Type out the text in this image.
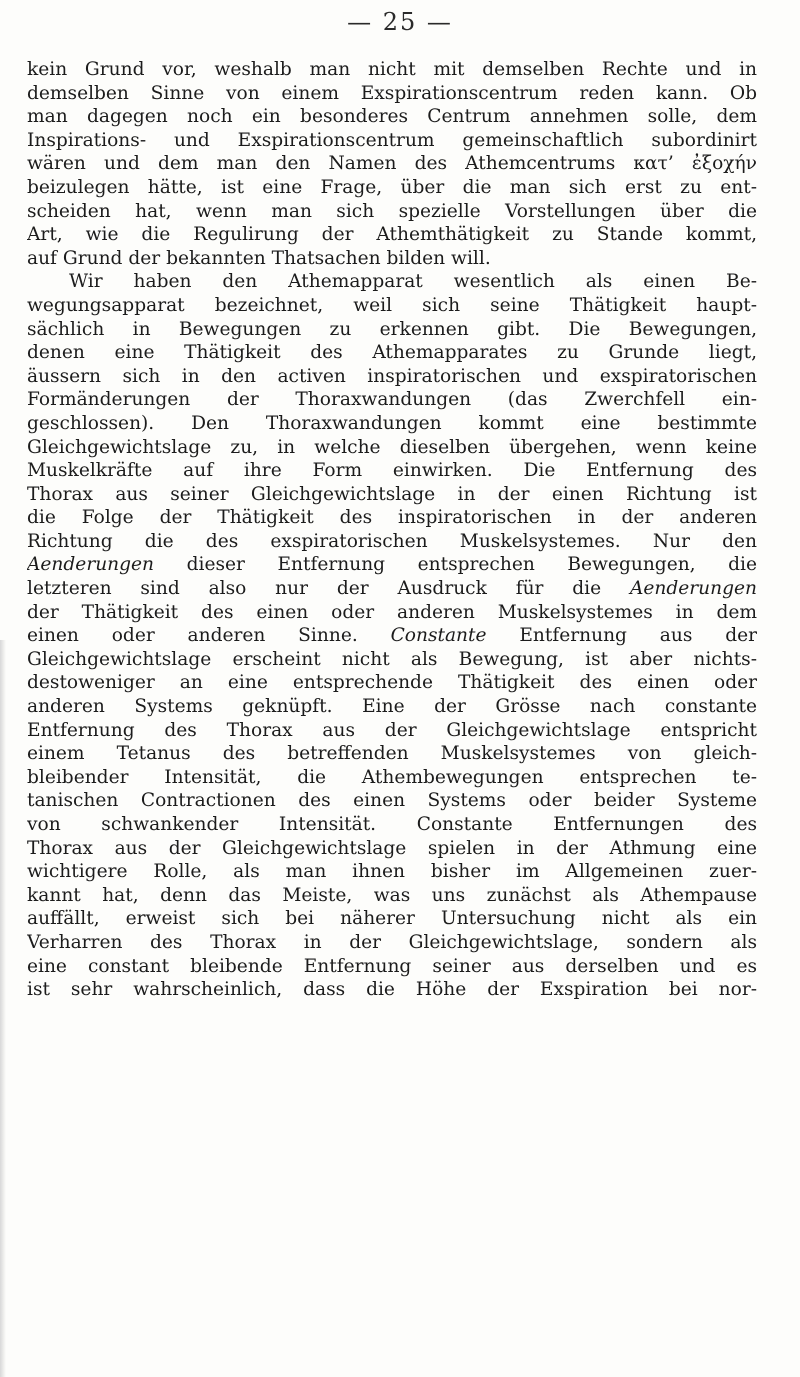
— 25 —
kein Grund vor, weshalb man nicht mit demselben Rechte und in
demselben Sinne von einem Exspirationscentrum reden kann. Ob
man dagegen noch ein besonderes Centrum annehmen solle, dem
Inspirations- und Exspirationscentrum gemeinschaftlich subordinirt
wären und dem man den Namen des Athemcentrums κατ’ ἐξοχήν
beizulegen hätte, ist eine Frage, über die man sich erst zu ent-
scheiden hat, wenn man sich spezielle Vorstellungen über die
Art, wie die Regulirung der Athemthätigkeit zu Stande kommt,
auf Grund der bekannten Thatsachen bilden will.
Wir haben den Athemapparat wesentlich als einen Be-
wegungsapparat bezeichnet, weil sich seine Thätigkeit haupt-
sächlich in Bewegungen zu erkennen gibt. Die Bewegungen,
denen eine Thätigkeit des Athemapparates zu Grunde liegt,
äussern sich in den activen inspiratorischen und exspiratorischen
Formänderungen der Thoraxwandungen (das Zwerchfell ein-
geschlossen). Den Thoraxwandungen kommt eine bestimmte
Gleichgewichtslage zu, in welche dieselben übergehen, wenn keine
Muskelkräfte auf ihre Form einwirken. Die Entfernung des
Thorax aus seiner Gleichgewichtslage in der einen Richtung ist
die Folge der Thätigkeit des inspiratorischen in der anderen
Richtung die des exspiratorischen Muskelsystemes. Nur den
Aenderungen dieser Entfernung entsprechen Bewegungen, die
letzteren sind also nur der Ausdruck für die Aenderungen
der Thätigkeit des einen oder anderen Muskelsystemes in dem
einen oder anderen Sinne. Constante Entfernung aus der
Gleichgewichtslage erscheint nicht als Bewegung, ist aber nichts-
destoweniger an eine entsprechende Thätigkeit des einen oder
anderen Systems geknüpft. Eine der Grösse nach constante
Entfernung des Thorax aus der Gleichgewichtslage entspricht
einem Tetanus des betreffenden Muskelsystemes von gleich-
bleibender Intensität, die Athembewegungen entsprechen te-
tanischen Contractionen des einen Systems oder beider Systeme
von schwankender Intensität. Constante Entfernungen des
Thorax aus der Gleichgewichtslage spielen in der Athmung eine
wichtigere Rolle, als man ihnen bisher im Allgemeinen zuer-
kannt hat, denn das Meiste, was uns zunächst als Athempause
auffällt, erweist sich bei näherer Untersuchung nicht als ein
Verharren des Thorax in der Gleichgewichtslage, sondern als
eine constant bleibende Entfernung seiner aus derselben und es
ist sehr wahrscheinlich, dass die Höhe der Exspiration bei nor-
